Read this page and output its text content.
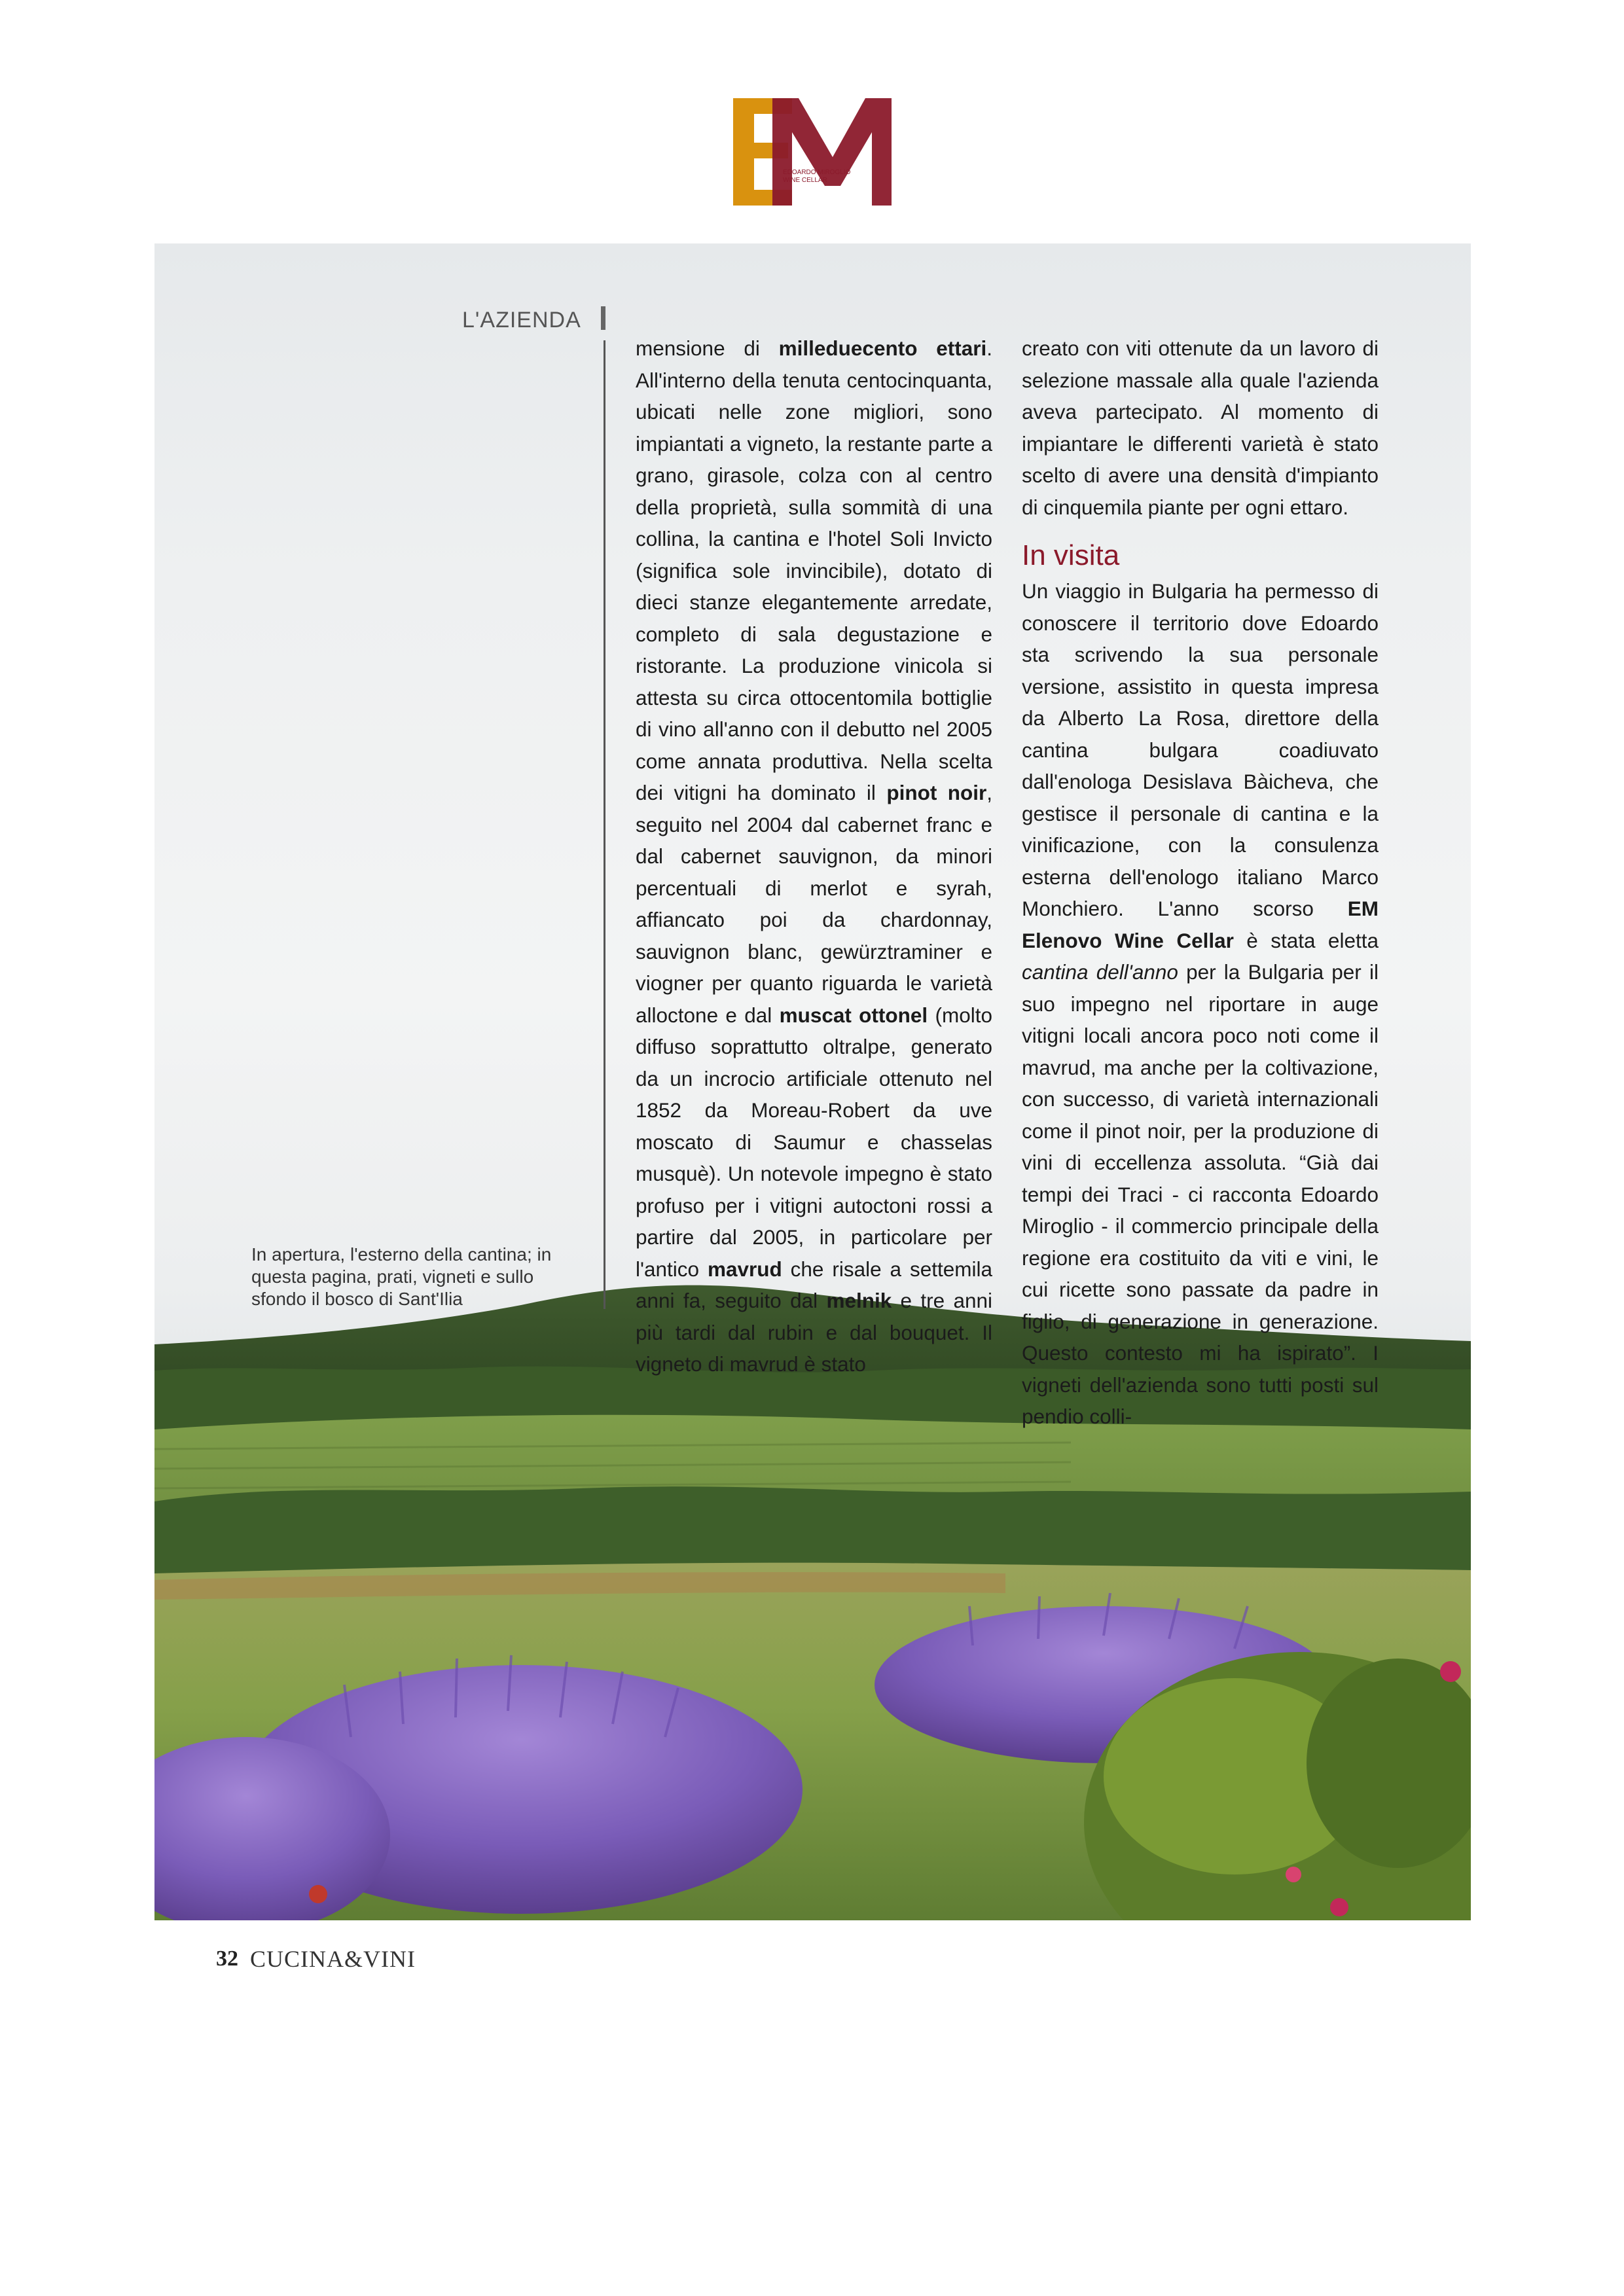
EDOARDO MIROGLIO
WINE CELLAR
L'AZIENDA

mensione di milleduecento ettari. All'interno della tenuta centocinquanta, ubicati nelle zone migliori, sono impiantati a vigneto, la restante parte a grano, girasole, colza con al centro della proprietà, sulla sommità di una collina, la cantina e l'hotel Soli Invicto (significa sole invincibile), dotato di dieci stanze elegantemente arredate, completo di sala degustazione e ristorante. La produzione vinicola si attesta su circa ottocentomila bottiglie di vino all'anno con il debutto nel 2005 come annata produttiva. Nella scelta dei vitigni ha dominato il pinot noir, seguito nel 2004 dal cabernet franc e dal cabernet sauvignon, da minori percentuali di merlot e syrah, affiancato poi da chardonnay, sauvignon blanc, gewürztraminer e viogner per quanto riguarda le varietà alloctone e dal muscat ottonel (molto diffuso soprattutto oltralpe, generato da un incrocio artificiale ottenuto nel 1852 da Moreau-Robert da uve moscato di Saumur e chasselas musquè). Un notevole impegno è stato profuso per i vitigni autoctoni rossi a partire dal 2005, in particolare per l'antico mavrud che risale a settemila anni fa, seguito dal melnik e tre anni più tardi dal rubin e dal bouquet. Il vigneto di mavrud è stato

creato con viti ottenute da un lavoro di selezione massale alla quale l'azienda aveva partecipato. Al momento di impiantare le differenti varietà è stato scelto di avere una densità d'impianto di cinquemila piante per ogni ettaro.

In visita

Un viaggio in Bulgaria ha permesso di conoscere il territorio dove Edoardo sta scrivendo la sua personale versione, assistito in questa impresa da Alberto La Rosa, direttore della cantina bulgara coadiuvato dall'enologa Desislava Bàicheva, che gestisce il personale di cantina e la vinificazione, con la consulenza esterna dell'enologo italiano Marco Monchiero. L'anno scorso EM Elenovo Wine Cellar è stata eletta cantina dell'anno per la Bulgaria per il suo impegno nel riportare in auge vitigni locali ancora poco noti come il mavrud, ma anche per la coltivazione, con successo, di varietà internazionali come il pinot noir, per la produzione di vini di eccellenza assoluta. “Già dai tempi dei Traci - ci racconta Edoardo Miroglio - il commercio principale della regione era costituito da viti e vini, le cui ricette sono passate da padre in figlio, di generazione in generazione. Questo contesto mi ha ispirato”. I vigneti dell'azienda sono tutti posti sul pendio colli-

In apertura, l'esterno della cantina; in questa pagina, prati, vigneti e sullo sfondo il bosco di Sant'Ilia
32 CUCINA&VINI
